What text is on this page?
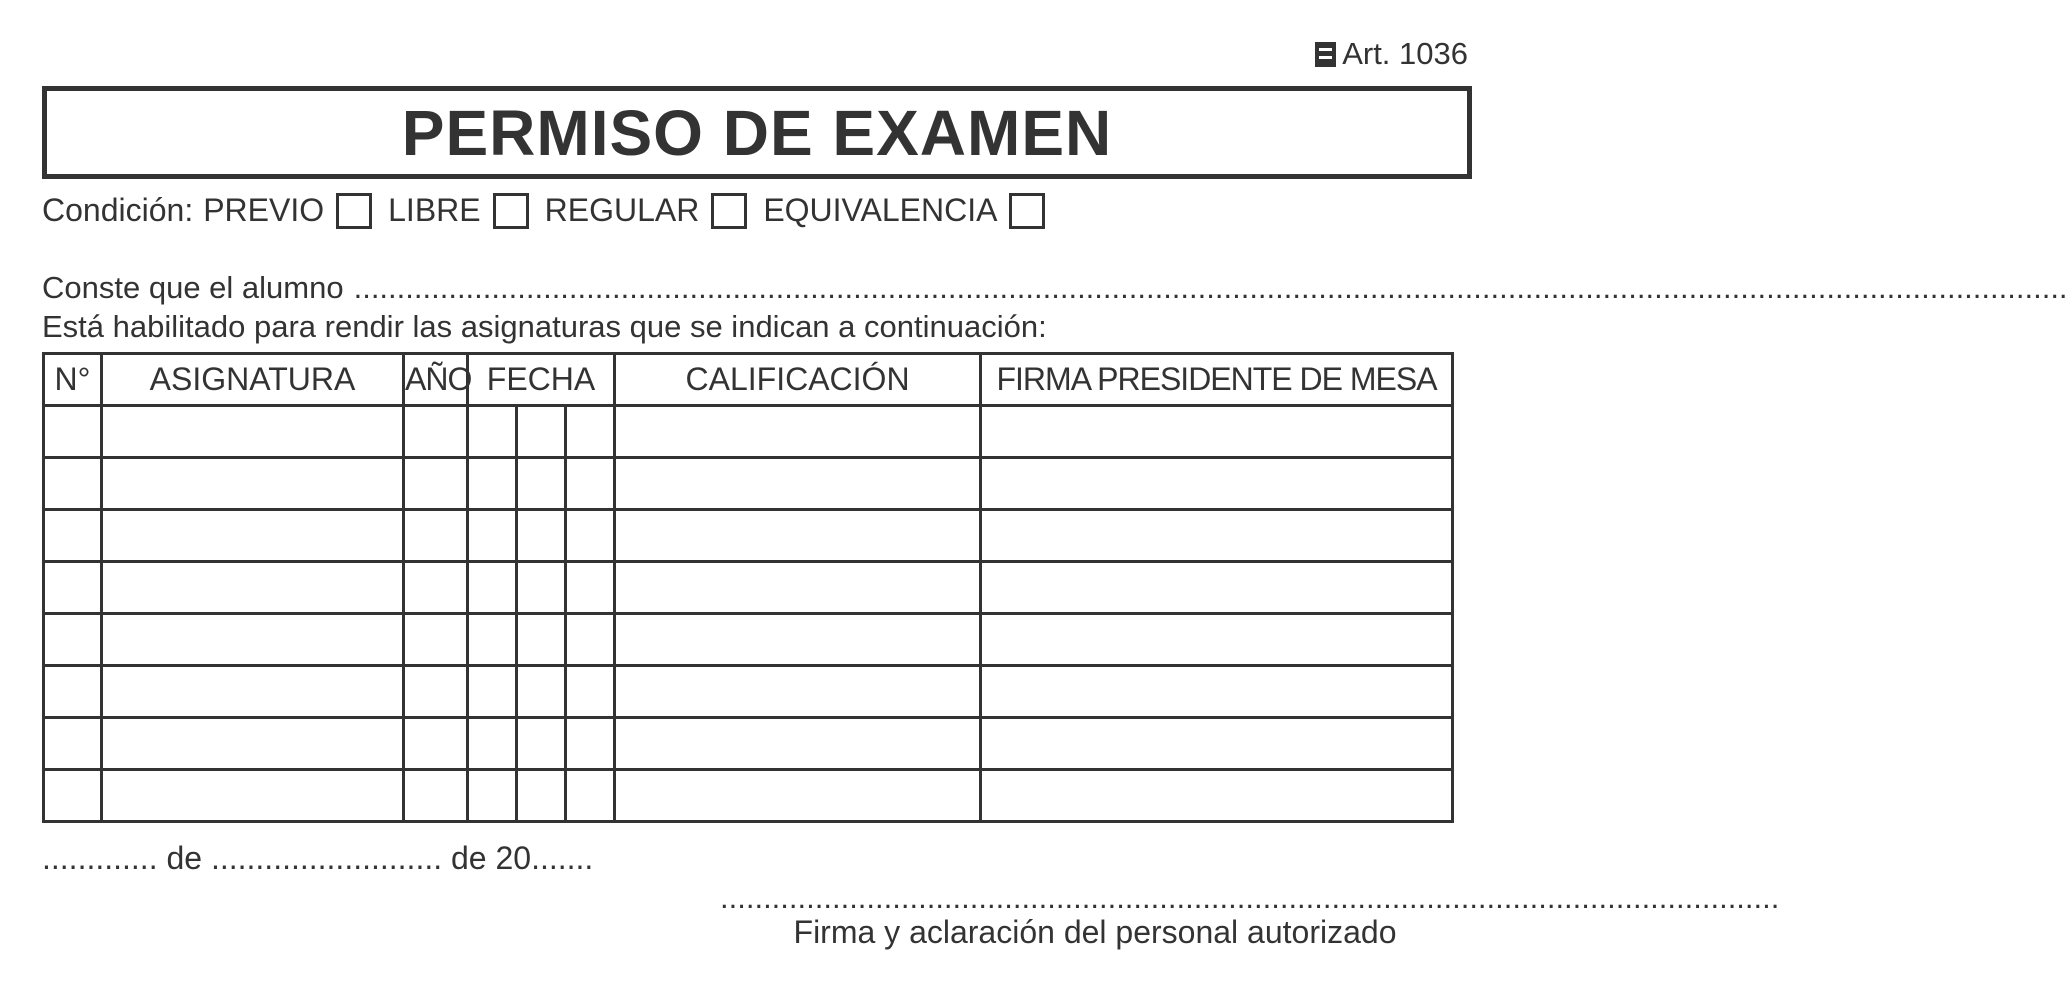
Art. 1036
PERMISO DE EXAMEN
Condición: PREVIO LIBRE REGULAR EQUIVALENCIA
Conste que el alumno .......................................................................................................................................................................................................
Está habilitado para rendir las asignaturas que se indican a continuación:
N°	ASIGNATURA	AÑO	FECHA			CALIFICACIÓN	FIRMA PRESIDENTE DE MESA

............. de .......................... de 20.......
...........................................................................................................................
Firma y aclaración del personal autorizado
